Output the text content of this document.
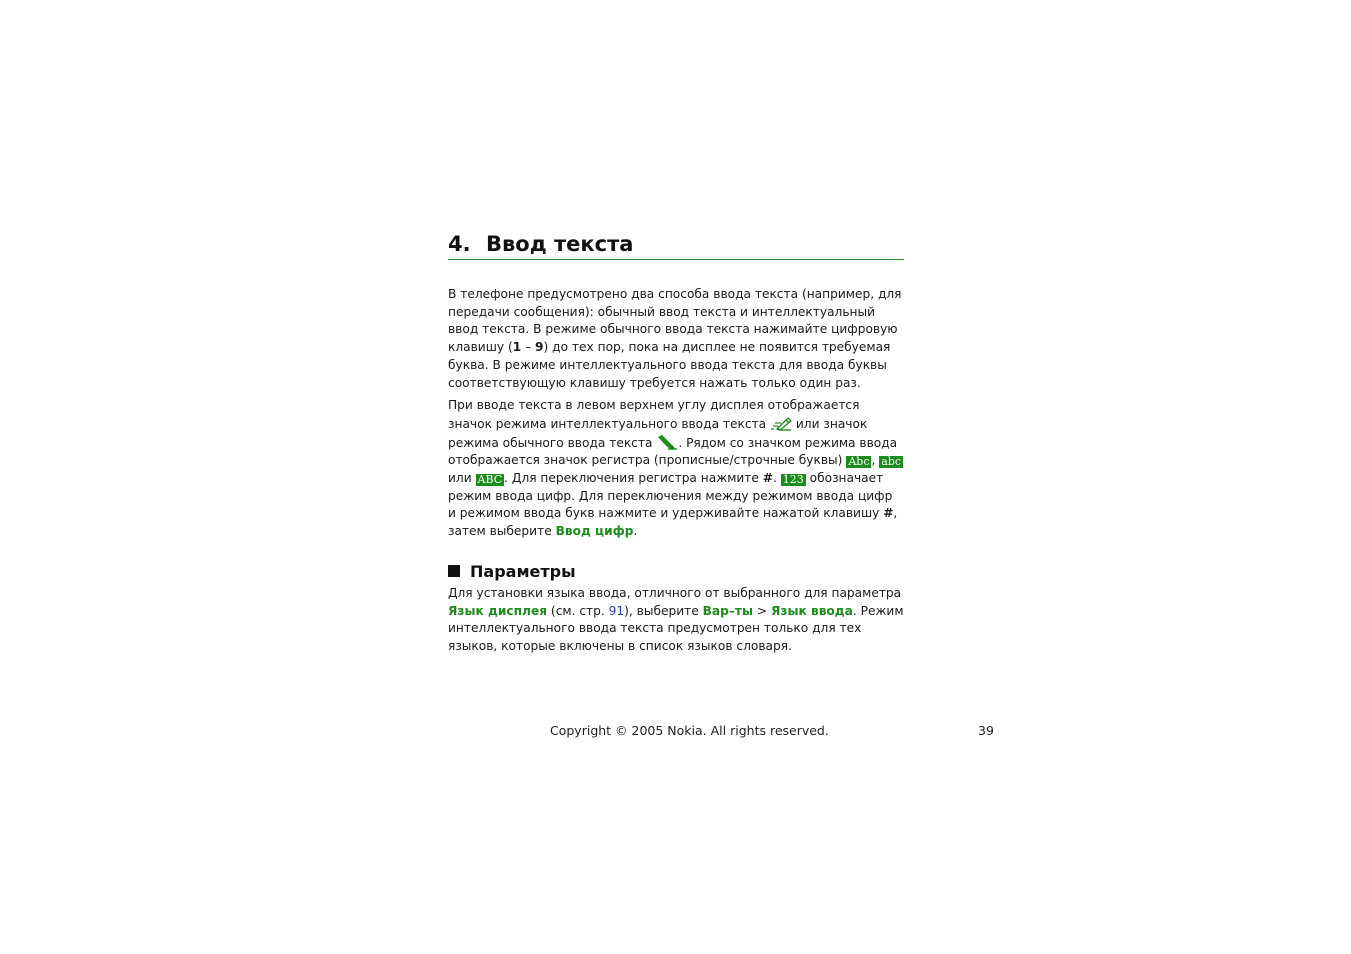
4. Ввод текста

В телефоне предусмотрено два способа ввода текста (например, для передачи сообщения): обычный ввод текста и интеллектуальный ввод текста. В режиме обычного ввода текста нажимайте цифровую клавишу (1 – 9) до тех пор, пока на дисплее не появится требуемая буква. В режиме интеллектуального ввода текста для ввода буквы соответствующую клавишу требуется нажать только один раз.

При вводе текста в левом верхнем углу дисплея отображается значок режима интеллектуального ввода текста
или значок режима обычного ввода текста
. Рядом со значком режима ввода отображается значок регистра (прописные/строчные буквы) Abc , abc или ABC . Для переключения регистра нажмите #. 123 обозначает режим ввода цифр. Для переключения между режимом ввода цифр и режимом ввода букв нажмите и удерживайте нажатой клавишу #, затем выберите Ввод цифр.

Параметры

Для установки языка ввода, отличного от выбранного для параметра Язык дисплея (см. стр. 91), выберите Вар–ты > Язык ввода. Режим интеллектуального ввода текста предусмотрен только для тех языков, которые включены в список языков словаря.

Copyright © 2005 Nokia. All rights reserved.	39
